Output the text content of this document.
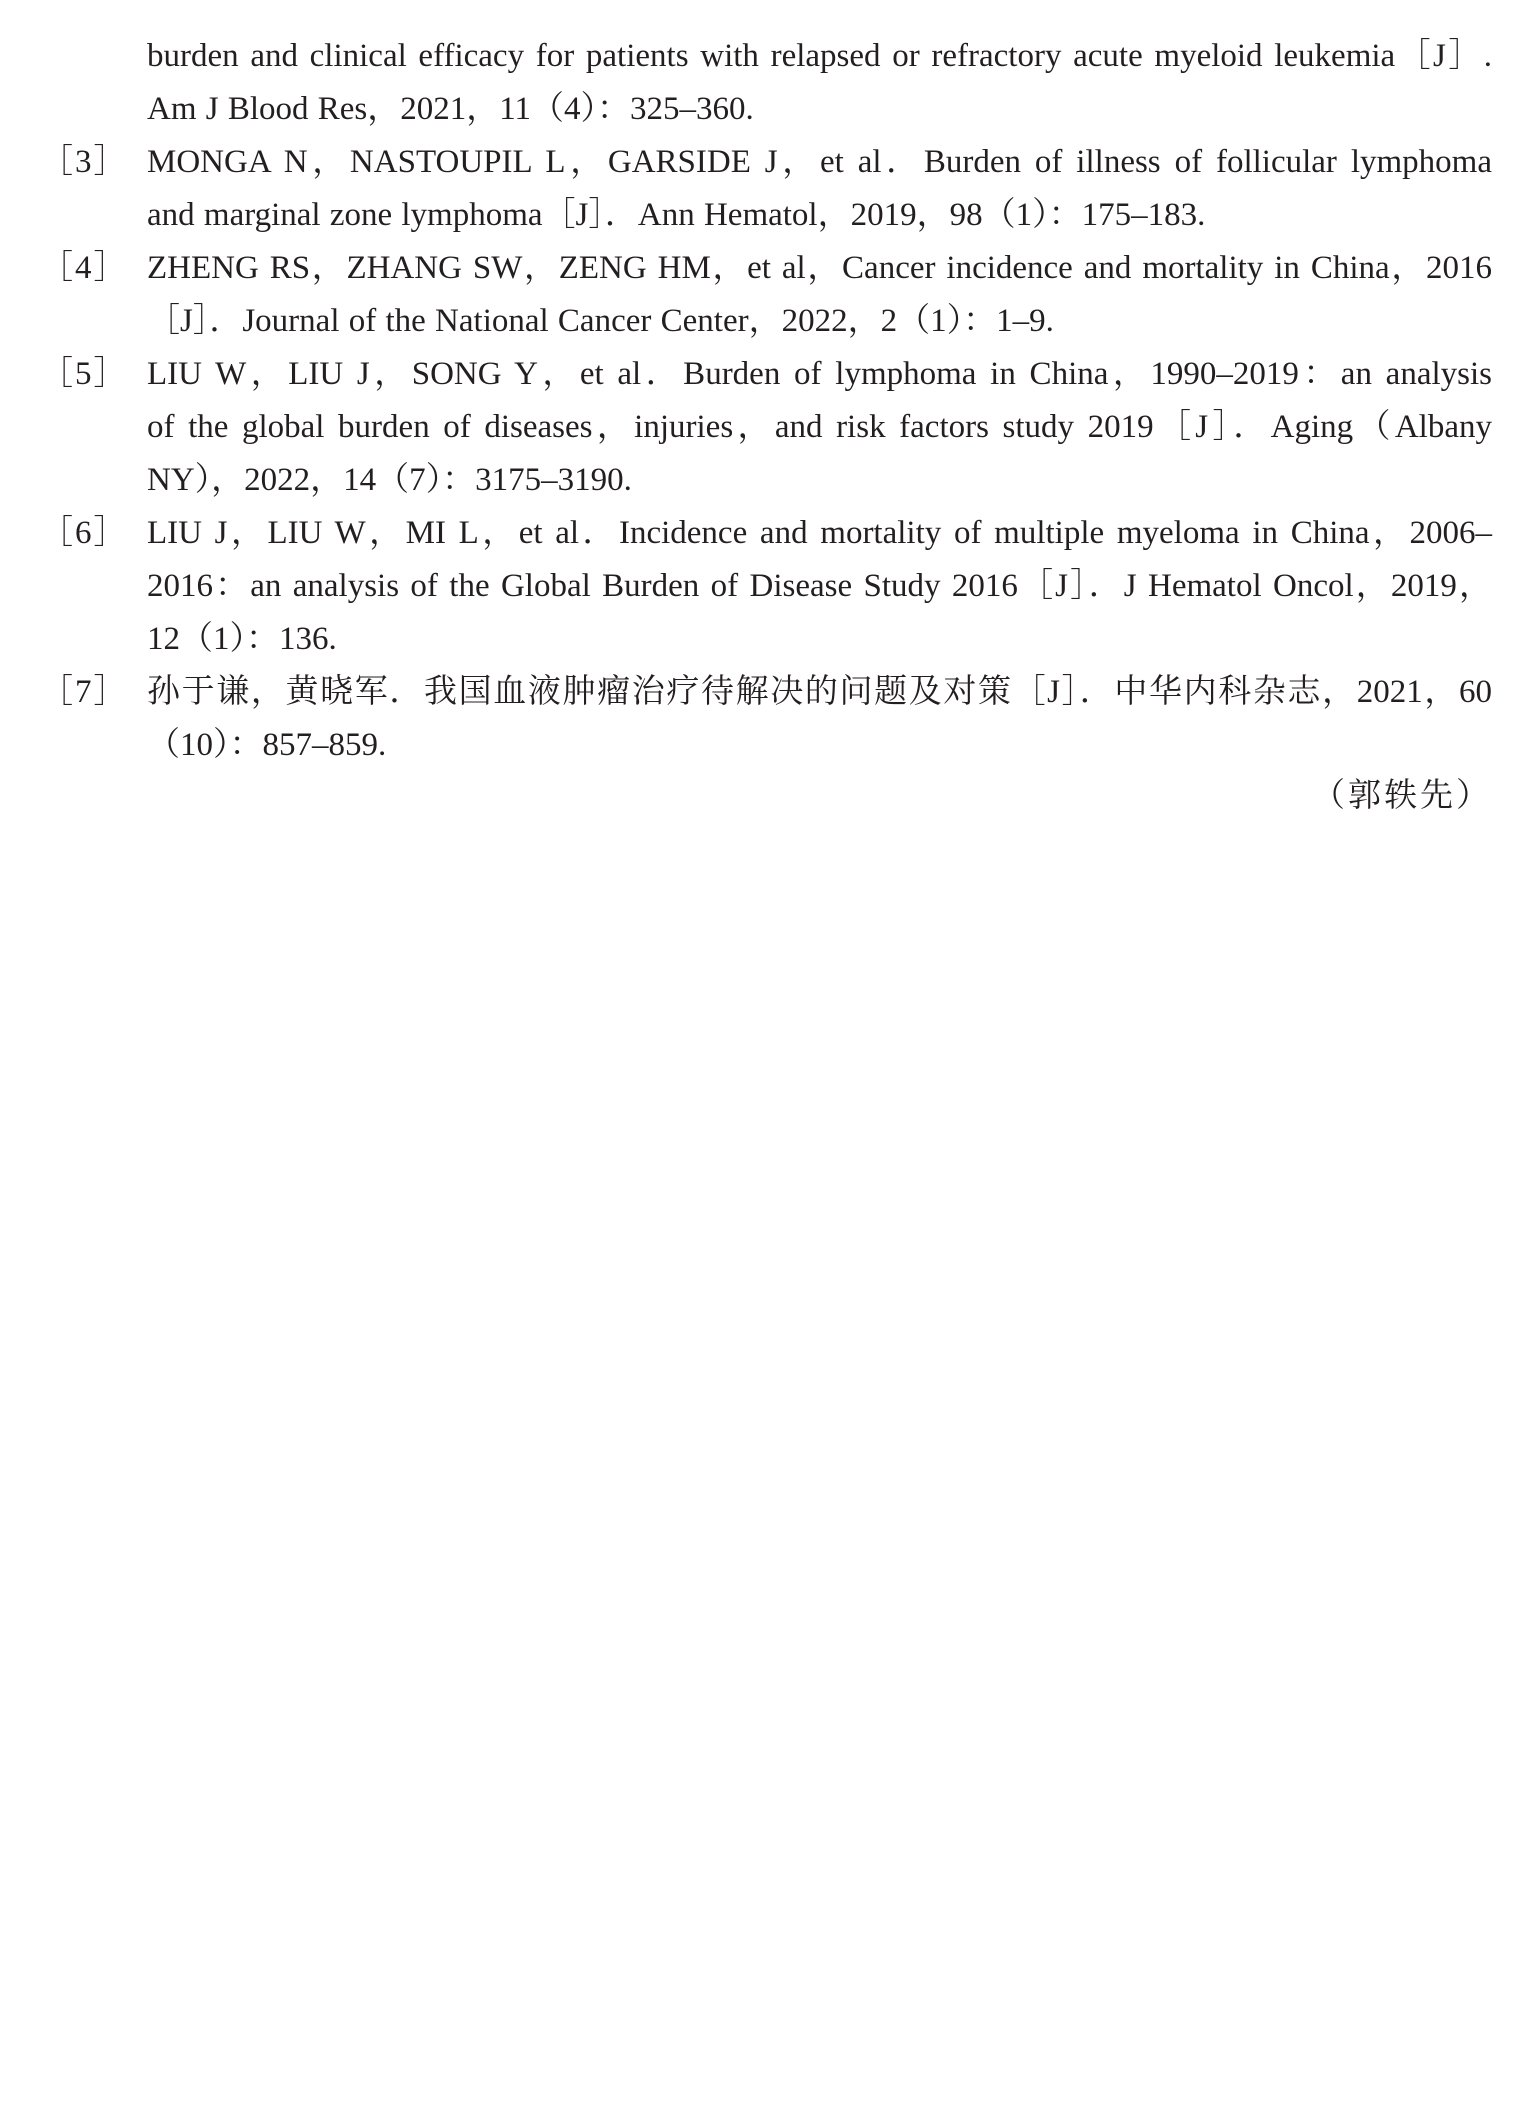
burden and clinical efficacy for patients with relapsed or refractory acute myeloid leukemia［J］.
Am J Blood Res，2021，11（4）：325–360.
［3］ MONGA N，NASTOUPIL L，GARSIDE J，et al．Burden of illness of follicular lymphoma
and marginal zone lymphoma［J］．Ann Hematol，2019，98（1）：175–183.
［4］ ZHENG RS，ZHANG SW，ZENG HM，et al，Cancer incidence and mortality in China，2016
［J］．Journal of the National Cancer Center，2022，2（1）：1–9.
［5］ LIU W，LIU J，SONG Y，et al．Burden of lymphoma in China，1990–2019：an analysis
of the global burden of diseases，injuries，and risk factors study 2019［J］．Aging（Albany
NY），2022，14（7）：3175–3190.
［6］ LIU J，LIU W，MI L，et al．Incidence and mortality of multiple myeloma in China，2006–
2016：an analysis of the Global Burden of Disease Study 2016［J］．J Hematol Oncol，2019，
12（1）：136.
［7］ 孙于谦，黄晓军．我国血液肿瘤治疗待解决的问题及对策［J］．中华内科杂志，2021，60
（10）：857–859.
（郭轶先）
